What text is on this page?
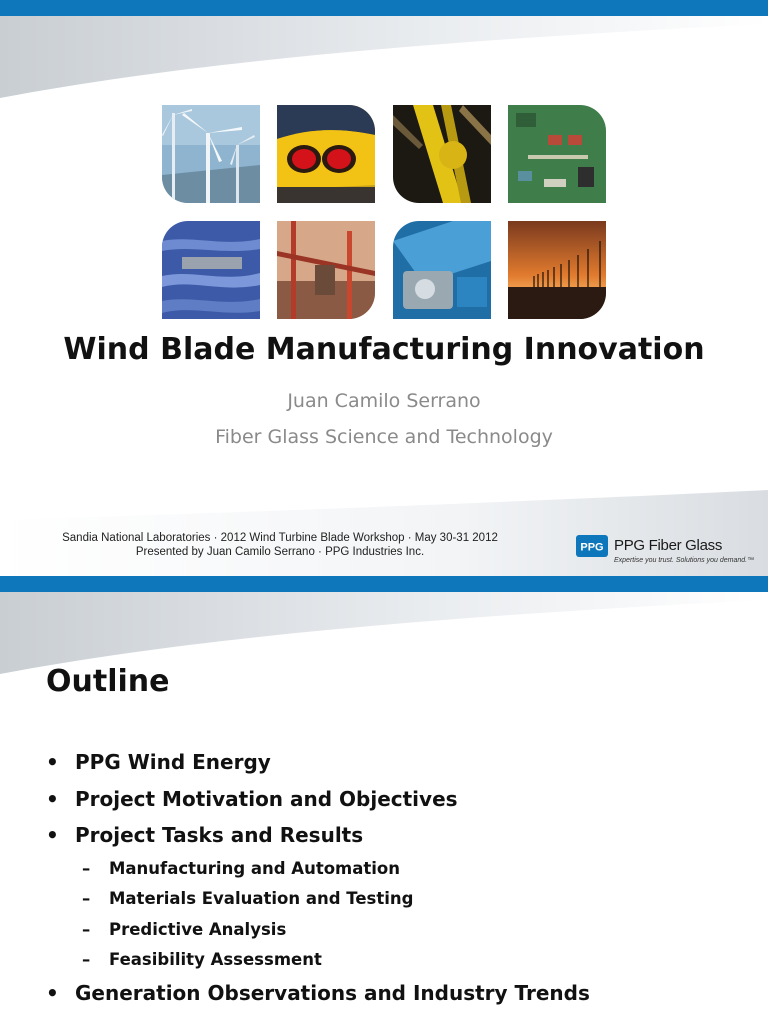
Wind Blade Manufacturing Innovation
Juan Camilo Serrano
Fiber Glass Science and Technology
Sandia National Laboratories · 2012 Wind Turbine Blade Workshop · May 30-31 2012
Presented by Juan Camilo Serrano · PPG Industries Inc.	PPG PPG Fiber Glass
Expertise you trust. Solutions you demand.™
Outline
• PPG Wind Energy
• Project Motivation and Objectives
• Project Tasks and Results
–	Manufacturing and Automation
–	Materials Evaluation and Testing
–	Predictive Analysis
–	Feasibility Assessment
• Generation Observations and Industry Trends
